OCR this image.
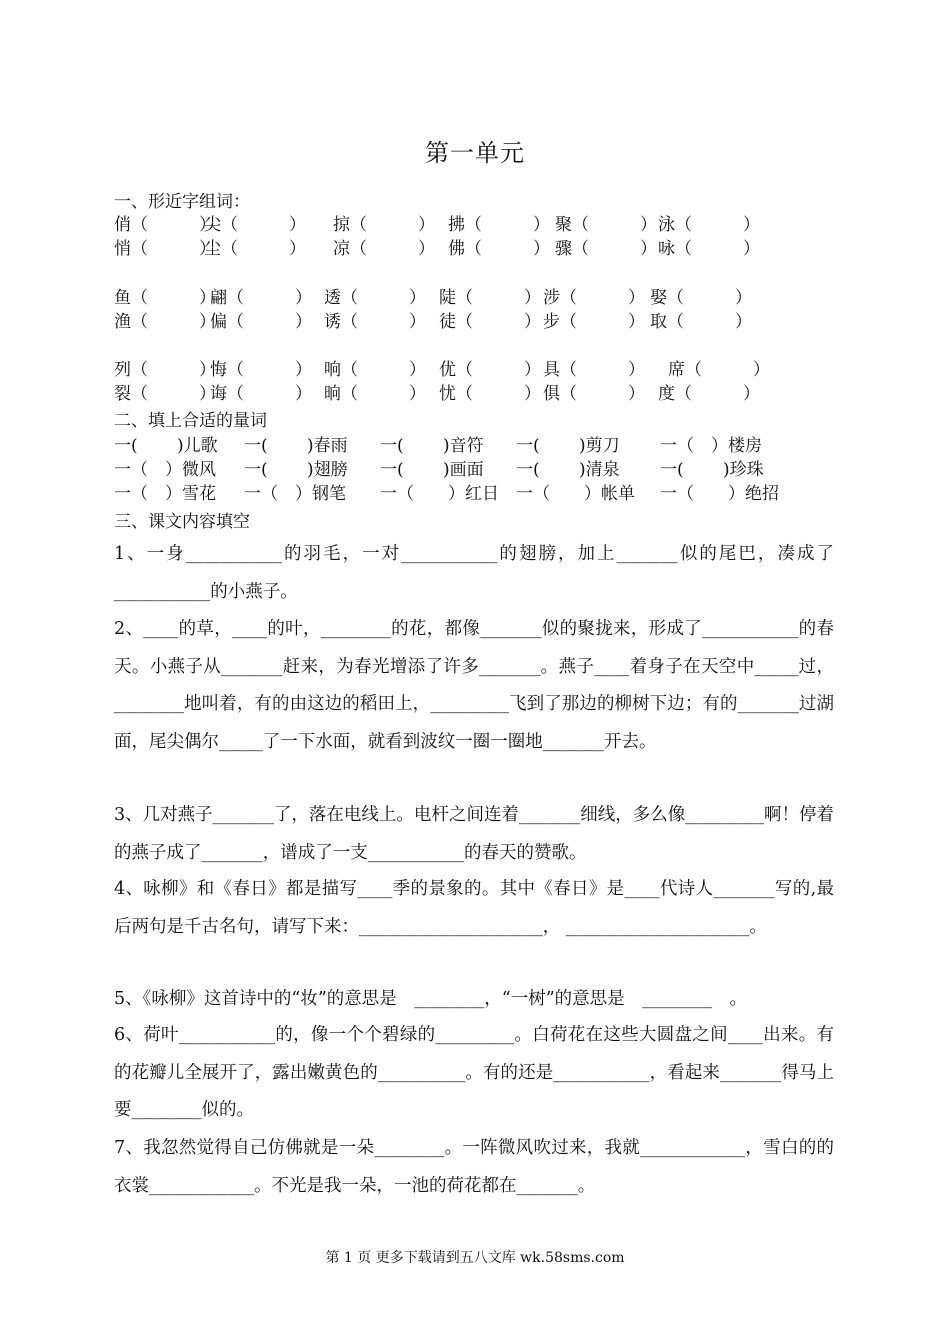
第一单元
一、形近字组词：
俏（　　　）
尖（　　　） 掠（　　　） 拂（　　　） 聚（　　　） 泳（　　　）
悄（　　　）
尘（　　　） 凉（　　　） 佛（　　　） 骤（　　　） 咏（　　　）
鱼（　　　）
翩（　　　） 透（　　　） 陡（　　　） 涉（　　　） 娶（　　　）
渔（　　　）
偏（　　　） 诱（　　　） 徒（　　　） 步（　　　） 取（　　　）
列（　　　）
悔（　　　） 响（　　　） 优（　　　） 具（　　　） 席（　　　）
裂（　　　）
诲（　　　） 晌（　　　） 忧（　　　） 俱（　　　） 度（　　　）
二、填上合适的量词
一(　　 )儿歌 一(　　 )春雨 一(　　 )音符 一(　　 )剪刀 一（　）楼房
一（　）微风 一(　　 )翅膀 一(　　 )画面 一(　　 )清泉 一(　　 )珍珠
一（　）雪花 一（　）钢笔 一（　　）红日 一（　　）帐单 一（　　）绝招
三、课文内容填空
1、一身___________的羽毛，一对___________的翅膀，加上_______似的尾巴，凑成了___________的小燕子。
2、____的草，____的叶，________的花，都像_______似的聚拢来，形成了___________的春天。小燕子从_______赶来，为春光增添了许多_______。燕子____着身子在天空中_____过，________地叫着，有的由这边的稻田上，_________飞到了那边的柳树下边；有的_______过湖面，尾尖偶尔_____了一下水面，就看到波纹一圈一圈地_______开去。
3、几对燕子_______了，落在电线上。电杆之间连着_______细线，多么像_________啊！停着的燕子成了_______，谱成了一支___________的春天的赞歌。
4、咏柳》和《春日》都是描写____季的景象的。其中《春日》是____代诗人_______写的,最后两句是千古名句，请写下来：_____________________， _____________________。
5、《咏柳》这首诗中的“妆”的意思是　________，“一树”的意思是　________　。
6、荷叶___________的，像一个个碧绿的_________。白荷花在这些大圆盘之间____出来。有的花瓣儿全展开了，露出嫩黄色的__________。有的还是___________，看起来_______得马上要________似的。
7、我忽然觉得自己仿佛就是一朵________。一阵微风吹过来，我就____________，雪白的的衣裳____________。不光是我一朵，一池的荷花都在_______。
第 1 页 更多下载请到五八文库 wk.58sms.com
